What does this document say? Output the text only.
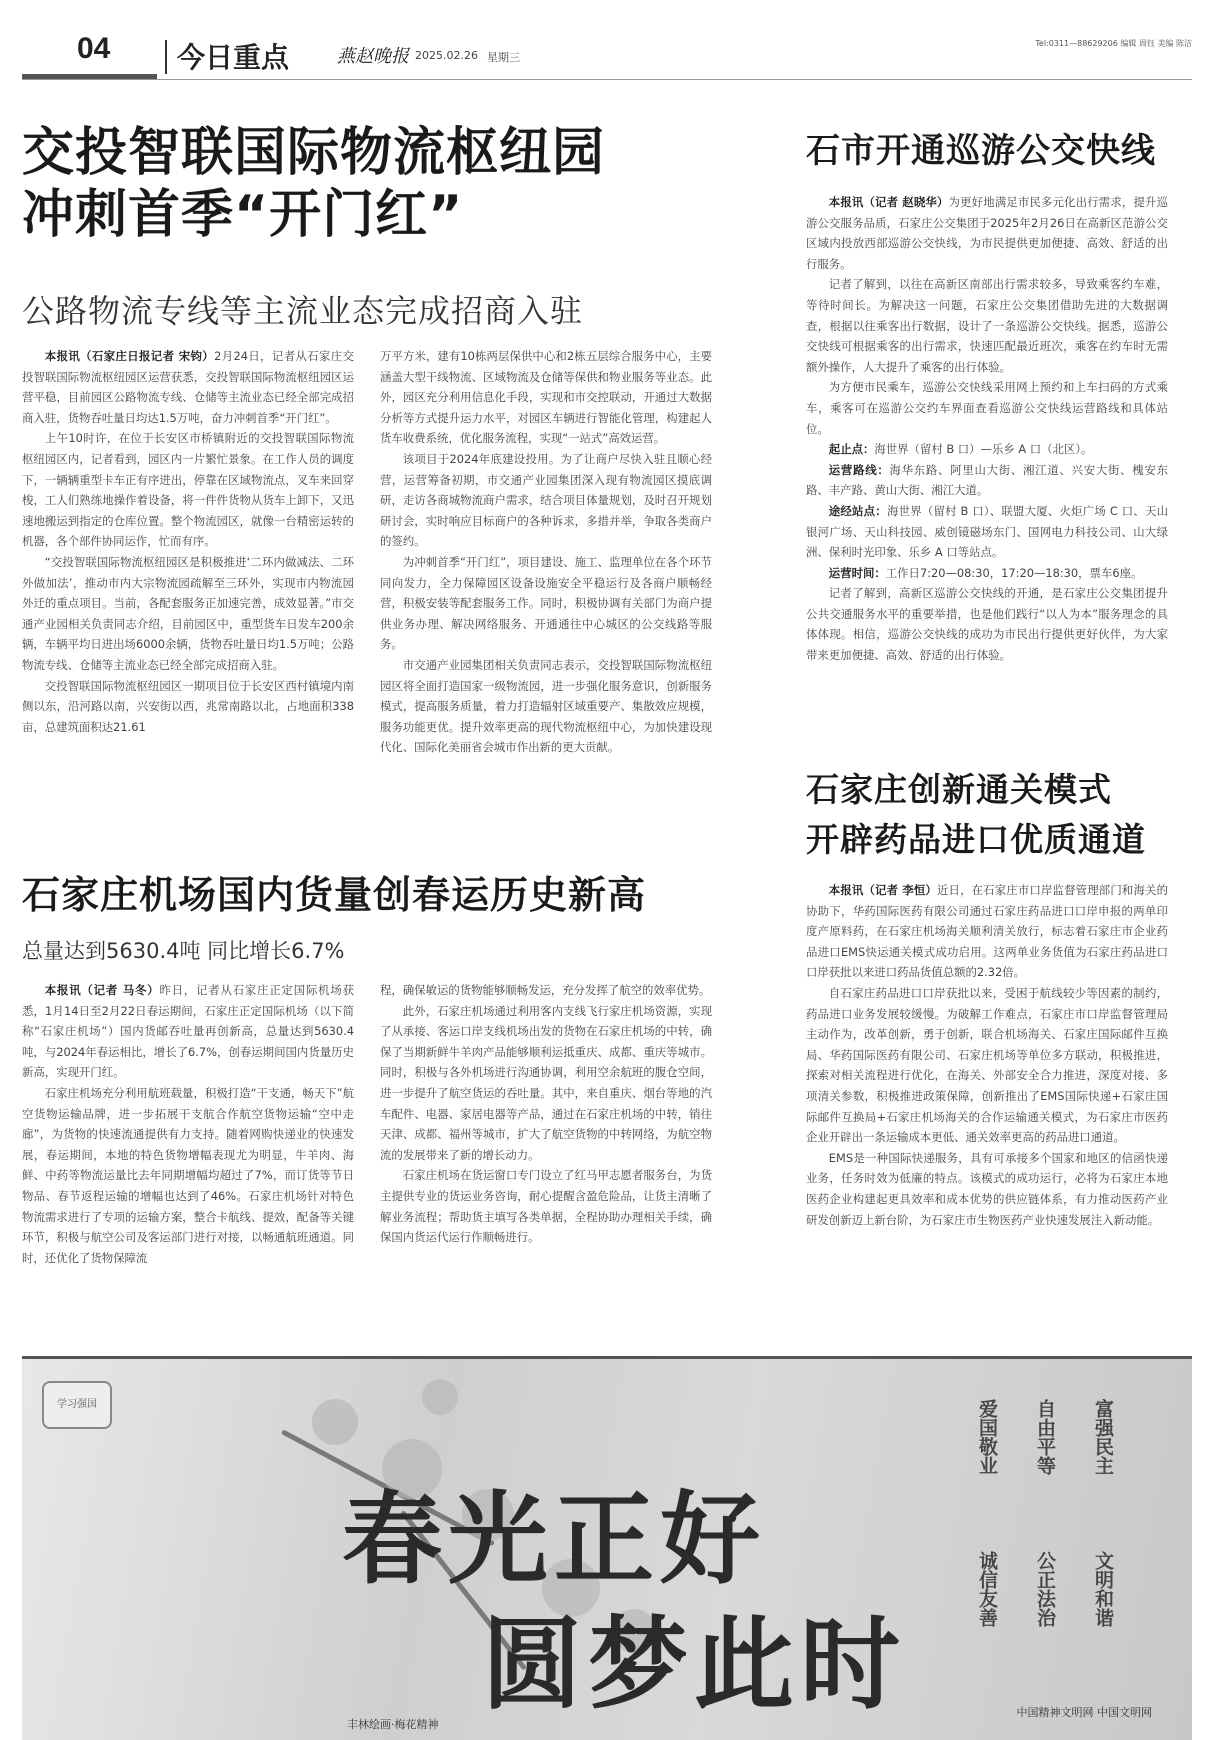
04 今日重点	燕赵晚报 2025.02.26 星期三
Tel:0311—88629206 编辑 周钰 美编 陈洁
交投智联国际物流枢纽园
冲刺首季“开门红”
公路物流专线等主流业态完成招商入驻

本报讯（石家庄日报记者 宋钧）2月24日，记者从石家庄交投智联国际物流枢纽园区运营获悉，交投智联国际物流枢纽园区运营平稳，目前园区公路物流专线、仓储等主流业态已经全部完成招商入驻，货物吞吐量日均达1.5万吨，奋力冲刺首季“开门红”。

上午10时许，在位于长安区市桥镇附近的交投智联国际物流枢纽园区内，记者看到，园区内一片繁忙景象。在工作人员的调度下，一辆辆重型卡车正有序进出，停靠在区域物流点，叉车来回穿梭，工人们熟练地操作着设备，将一件件货物从货车上卸下，又迅速地搬运到指定的仓库位置。整个物流园区，就像一台精密运转的机器，各个部件协同运作，忙而有序。

“交投智联国际物流枢纽园区是积极推进‘二环内做减法、二环外做加法’，推动市内大宗物流园疏解至三环外，实现市内物流园外迁的重点项目。当前，各配套服务正加速完善，成效显著。”市交通产业园相关负责同志介绍，目前园区中，重型货车日发车200余辆，车辆平均日进出场6000余辆，货物吞吐量日均1.5万吨；公路物流专线、仓储等主流业态已经全部完成招商入驻。

交投智联国际物流枢纽园区一期项目位于长安区西村镇境内南侧以东，沿河路以南，兴安街以西，兆常南路以北，占地面积338亩，总建筑面积达21.61

万平方米，建有10栋两层保供中心和2栋五层综合服务中心，主要涵盖大型干线物流、区域物流及仓储等保供和物业服务等业态。此外，园区充分利用信息化手段，实现和市交控联动，开通过大数据分析等方式提升运力水平，对园区车辆进行智能化管理，构建起人货车收费系统，优化服务流程，实现“一站式”高效运营。

该项目于2024年底建设投用。为了让商户尽快入驻且顺心经营，运营筹备初期，市交通产业园集团深入现有物流园区摸底调研，走访各商城物流商户需求，结合项目体量规划，及时召开规划研讨会，实时响应目标商户的各种诉求，多措并举，争取各类商户的签约。

为冲刺首季“开门红”，项目建设、施工、监理单位在各个环节同向发力，全力保障园区设备设施安全平稳运行及各商户顺畅经营，积极安装等配套服务工作。同时，积极协调有关部门为商户提供业务办理、解决网络服务、开通通往中心城区的公交线路等服务。

市交通产业园集团相关负责同志表示，交投智联国际物流枢纽园区将全面打造国家一级物流园，进一步强化服务意识，创新服务模式，提高服务质量，着力打造辐射区域重要产、集散效应规模，服务功能更优。提升效率更高的现代物流枢纽中心，为加快建设现代化、国际化美丽省会城市作出新的更大贡献。

石家庄机场国内货量创春运历史新高
总量达到5630.4吨 同比增长6.7%

本报讯（记者 马冬）昨日，记者从石家庄正定国际机场获悉，1月14日至2月22日春运期间，石家庄正定国际机场（以下简称“石家庄机场”）国内货邮吞吐量再创新高，总量达到5630.4吨，与2024年春运相比，增长了6.7%，创春运期间国内货量历史新高，实现开门红。

石家庄机场充分利用航班载量，积极打造“干支通，畅天下”航空货物运输品牌，进一步拓展干支航合作航空货物运输“空中走廊”，为货物的快速流通提供有力支持。随着网购快递业的快速发展，春运期间，本地的特色货物增幅表现尤为明显，牛羊肉、海鲜、中药等物流运量比去年同期增幅均超过了7%，而订货等节日物品、春节返程运输的增幅也达到了46%。石家庄机场针对特色物流需求进行了专项的运输方案，整合卡航线、提效，配备等关键环节，积极与航空公司及客运部门进行对接，以畅通航班通道。同时，还优化了货物保障流

程，确保敏运的货物能够顺畅发运，充分发挥了航空的效率优势。

此外，石家庄机场通过利用客内支线飞行家庄机场资源，实现了从承接、客运口岸支线机场出发的货物在石家庄机场的中转，确保了当期新鲜牛羊肉产品能够顺利运抵重庆、成都、重庆等城市。同时，积极与各外机场进行沟通协调，利用空余航班的腹仓空间，进一步提升了航空货运的吞吐量。其中，来自重庆、烟台等地的汽车配件、电器、家居电器等产品，通过在石家庄机场的中转，销往天津、成都、福州等城市，扩大了航空货物的中转网络，为航空物流的发展带来了新的增长动力。

石家庄机场在货运窗口专门设立了红马甲志愿者服务台，为货主提供专业的货运业务咨询，耐心提醒含盈危险品，让货主清晰了解业务流程；帮助货主填写各类单据，全程协助办理相关手续，确保国内货运代运行作顺畅进行。

石市开通巡游公交快线

本报讯（记者 赵晓华）为更好地满足市民多元化出行需求，提升巡游公交服务品质，石家庄公交集团于2025年2月26日在高新区范游公交区域内投放西部巡游公交快线，为市民提供更加便捷、高效、舒适的出行服务。

记者了解到，以往在高新区南部出行需求较多，导致乘客约车难，等待时间长。为解决这一问题，石家庄公交集团借助先进的大数据调查，根据以往乘客出行数据，设计了一条巡游公交快线。据悉，巡游公交快线可根据乘客的出行需求，快速匹配最近班次，乘客在约车时无需额外操作，人大提升了乘客的出行体验。

为方便市民乘车，巡游公交快线采用网上预约和上车扫码的方式乘车，乘客可在巡游公交约车界面查看巡游公交快线运营路线和具体站位。

起止点：海世界（留村 B 口）—乐乡 A 口（北区）。

运营路线：海华东路、阿里山大街、湘江道、兴安大街、槐安东路、丰产路、黄山大街、湘江大道。

途经站点：海世界（留村 B 口）、联盟大厦、火炬广场 C 口、天山银河广场、天山科技园、威创镜磁场东门、国网电力科技公司、山大绿洲、保利时光印象、乐乡 A 口等站点。

运营时间：工作日7:20—08:30，17:20—18:30，票车6座。

记者了解到，高新区巡游公交快线的开通，是石家庄公交集团提升公共交通服务水平的重要举措，也是他们践行“以人为本”服务理念的具体体现。相信，巡游公交快线的成功为市民出行提供更好伙伴，为大家带来更加便捷、高效、舒适的出行体验。

石家庄创新通关模式
开辟药品进口优质通道

本报讯（记者 李恒）近日，在石家庄市口岸监督管理部门和海关的协助下，华药国际医药有限公司通过石家庄药品进口口岸申报的两单印度产原料药，在石家庄机场海关顺利清关放行，标志着石家庄市企业药品进口EMS快运通关模式成功启用。这两单业务货值为石家庄药品进口口岸获批以来进口药品货值总额的2.32倍。

自石家庄药品进口口岸获批以来，受困于航线较少等因素的制约，药品进口业务发展较缓慢。为破解工作难点，石家庄市口岸监督管理局主动作为，改革创新，勇于创新，联合机场海关、石家庄国际邮件互换局、华药国际医药有限公司、石家庄机场等单位多方联动，积极推进，探索对相关流程进行优化，在海关、外部安全合力推进，深度对接、多项清关参数，积极推进政策保障，创新推出了EMS国际快递+石家庄国际邮件互换局+石家庄机场海关的合作运输通关模式，为石家庄市医药企业开辟出一条运输成本更低、通关效率更高的药品进口通道。

EMS是一种国际快递服务，具有可承接多个国家和地区的信函快递业务，任务时效为低廉的特点。该模式的成功运行，必将为石家庄本地医药企业构建起更具效率和成本优势的供应链体系，有力推动医药产业研发创新迈上新台阶，为石家庄市生物医药产业快速发展注入新动能。

学习强国
春光正好
圆梦此时
富强民主
文明和谐
自由平等
公正法治
爱国敬业
诚信友善
丰林绘画·梅花精神
中国精神文明网 中国文明网
